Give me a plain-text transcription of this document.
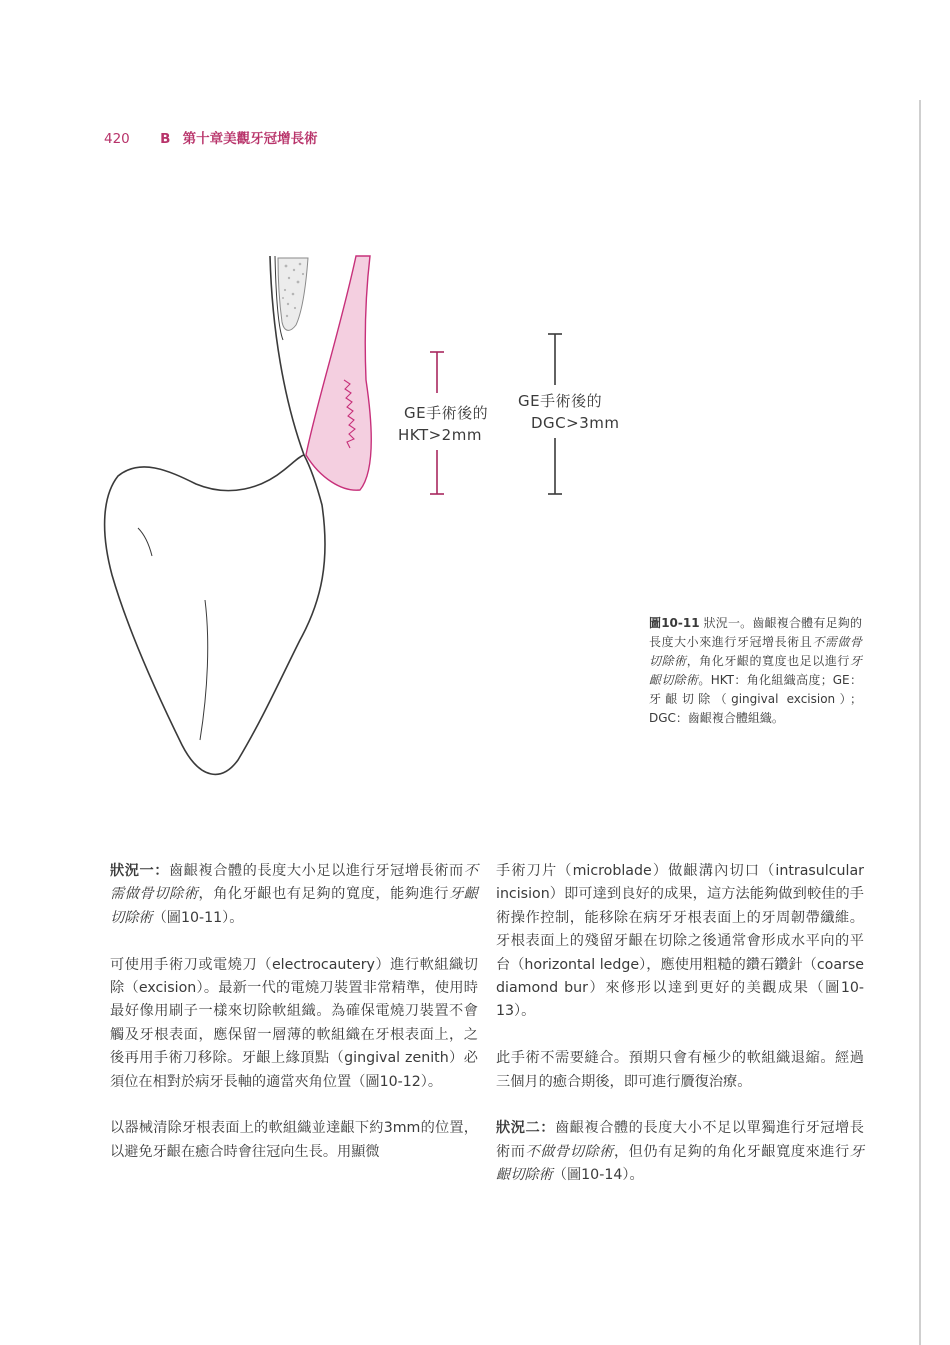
420 B 第十章美觀牙冠增長術
GE手術後的
HKT>2mm
GE手術後的
DGC>3mm
圖10-11 狀況一。齒齦複合體有足夠的長度大小來進行牙冠增長術且不需做骨切除術，角化牙齦的寬度也足以進行牙齦切除術。HKT：角化組織高度；GE：牙齦切除（gingival excision）；DGC：齒齦複合體組織。

狀況一：齒齦複合體的長度大小足以進行牙冠增長術而不需做骨切除術，角化牙齦也有足夠的寬度，能夠進行牙齦切除術（圖10-11）。

可使用手術刀或電燒刀（electrocautery）進行軟組織切除（excision）。最新一代的電燒刀裝置非常精準，使用時最好像用刷子一樣來切除軟組織。為確保電燒刀裝置不會觸及牙根表面，應保留一層薄的軟組織在牙根表面上，之後再用手術刀移除。牙齦上緣頂點（gingival zenith）必須位在相對於病牙長軸的適當夾角位置（圖10-12）。

以器械清除牙根表面上的軟組織並達齦下約3mm的位置，以避免牙齦在癒合時會往冠向生長。用顯微

手術刀片（microblade）做齦溝內切口（intrasulcular incision）即可達到良好的成果，這方法能夠做到較佳的手術操作控制，能移除在病牙牙根表面上的牙周韌帶纖維。牙根表面上的殘留牙齦在切除之後通常會形成水平向的平台（horizontal ledge），應使用粗糙的鑽石鑽針（coarse diamond bur）來修形以達到更好的美觀成果（圖10-13）。

此手術不需要縫合。預期只會有極少的軟組織退縮。經過三個月的癒合期後，即可進行贗復治療。

狀況二：齒齦複合體的長度大小不足以單獨進行牙冠增長術而不做骨切除術，但仍有足夠的角化牙齦寬度來進行牙齦切除術（圖10-14）。
